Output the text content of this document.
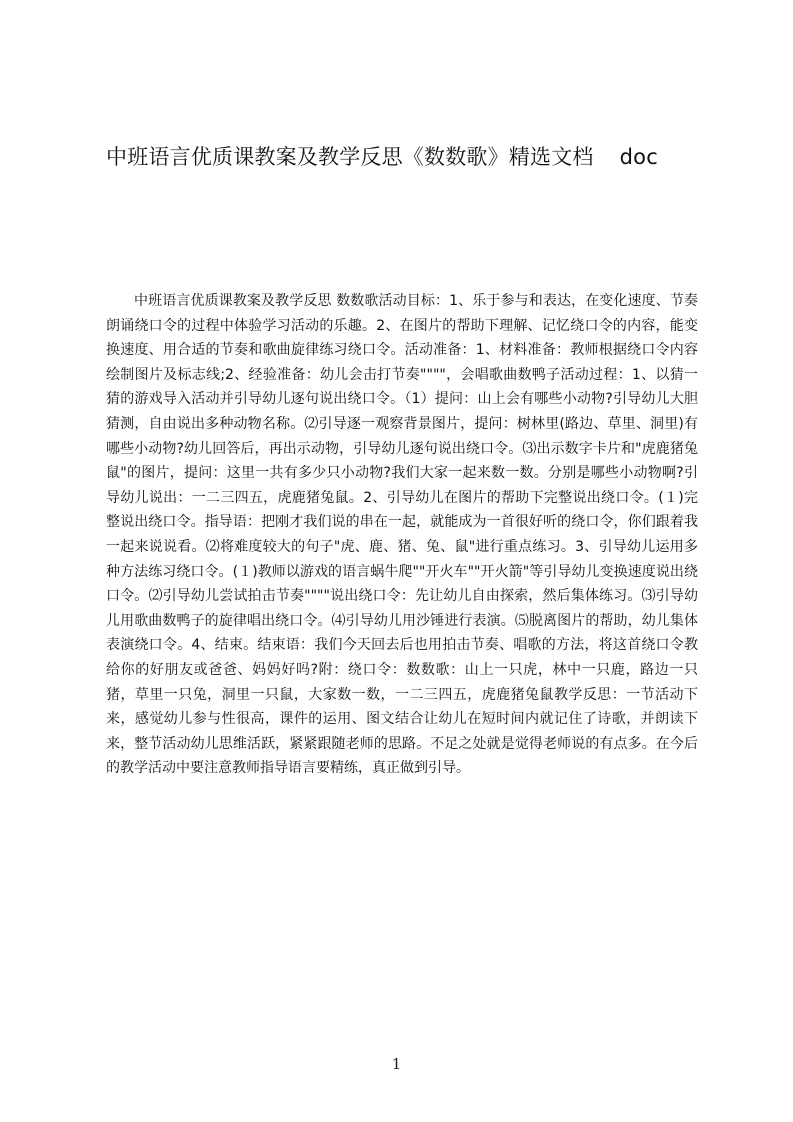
中班语言优质课教案及教学反思《数数歌》精选文档 doc
中班语言优质课教案及教学反思 数数歌活动目标：1、乐于参与和表达，在变化速度、节奏朗诵绕口令的过程中体验学习活动的乐趣。2、在图片的帮助下理解、记忆绕口令的内容，能变换速度、用合适的节奏和歌曲旋律练习绕口令。活动准备：1、材料准备：教师根据绕口令内容绘制图片及标志线;2、经验准备：幼儿会击打节奏""""，会唱歌曲数鸭子活动过程：1、以猜一猜的游戏导入活动并引导幼儿逐句说出绕口令。（1）提问：山上会有哪些小动物?引导幼儿大胆猜测，自由说出多种动物名称。⑵引导逐一观察背景图片，提问：树林里(路边、草里、洞里)有哪些小动物?幼儿回答后，再出示动物，引导幼儿逐句说出绕口令。⑶出示数字卡片和"虎鹿猪兔鼠"的图片，提问：这里一共有多少只小动物?我们大家一起来数一数。分别是哪些小动物啊?引导幼儿说出：一二三四五，虎鹿猪兔鼠。2、引导幼儿在图片的帮助下完整说出绕口令。(１)完整说出绕口令。指导语：把刚才我们说的串在一起，就能成为一首很好听的绕口令，你们跟着我一起来说说看。⑵将难度较大的句子"虎、鹿、猪、兔、鼠"进行重点练习。3、引导幼儿运用多种方法练习绕口令。(１)教师以游戏的语言蜗牛爬""开火车""开火箭"等引导幼儿变换速度说出绕口令。⑵引导幼儿尝试拍击节奏""""说出绕口令：先让幼儿自由探索，然后集体练习。⑶引导幼儿用歌曲数鸭子的旋律唱出绕口令。⑷引导幼儿用沙锤进行表演。⑸脱离图片的帮助，幼儿集体表演绕口令。4、结束。结束语：我们今天回去后也用拍击节奏、唱歌的方法，将这首绕口令教给你的好朋友或爸爸、妈妈好吗?附：绕口令：数数歌：山上一只虎，林中一只鹿，路边一只猪，草里一只兔，洞里一只鼠，大家数一数，一二三四五，虎鹿猪兔鼠教学反思：一节活动下来，感觉幼儿参与性很高，课件的运用、图文结合让幼儿在短时间内就记住了诗歌，并朗读下来，整节活动幼儿思维活跃，紧紧跟随老师的思路。不足之处就是觉得老师说的有点多。在今后的教学活动中要注意教师指导语言要精练，真正做到引导。
1
